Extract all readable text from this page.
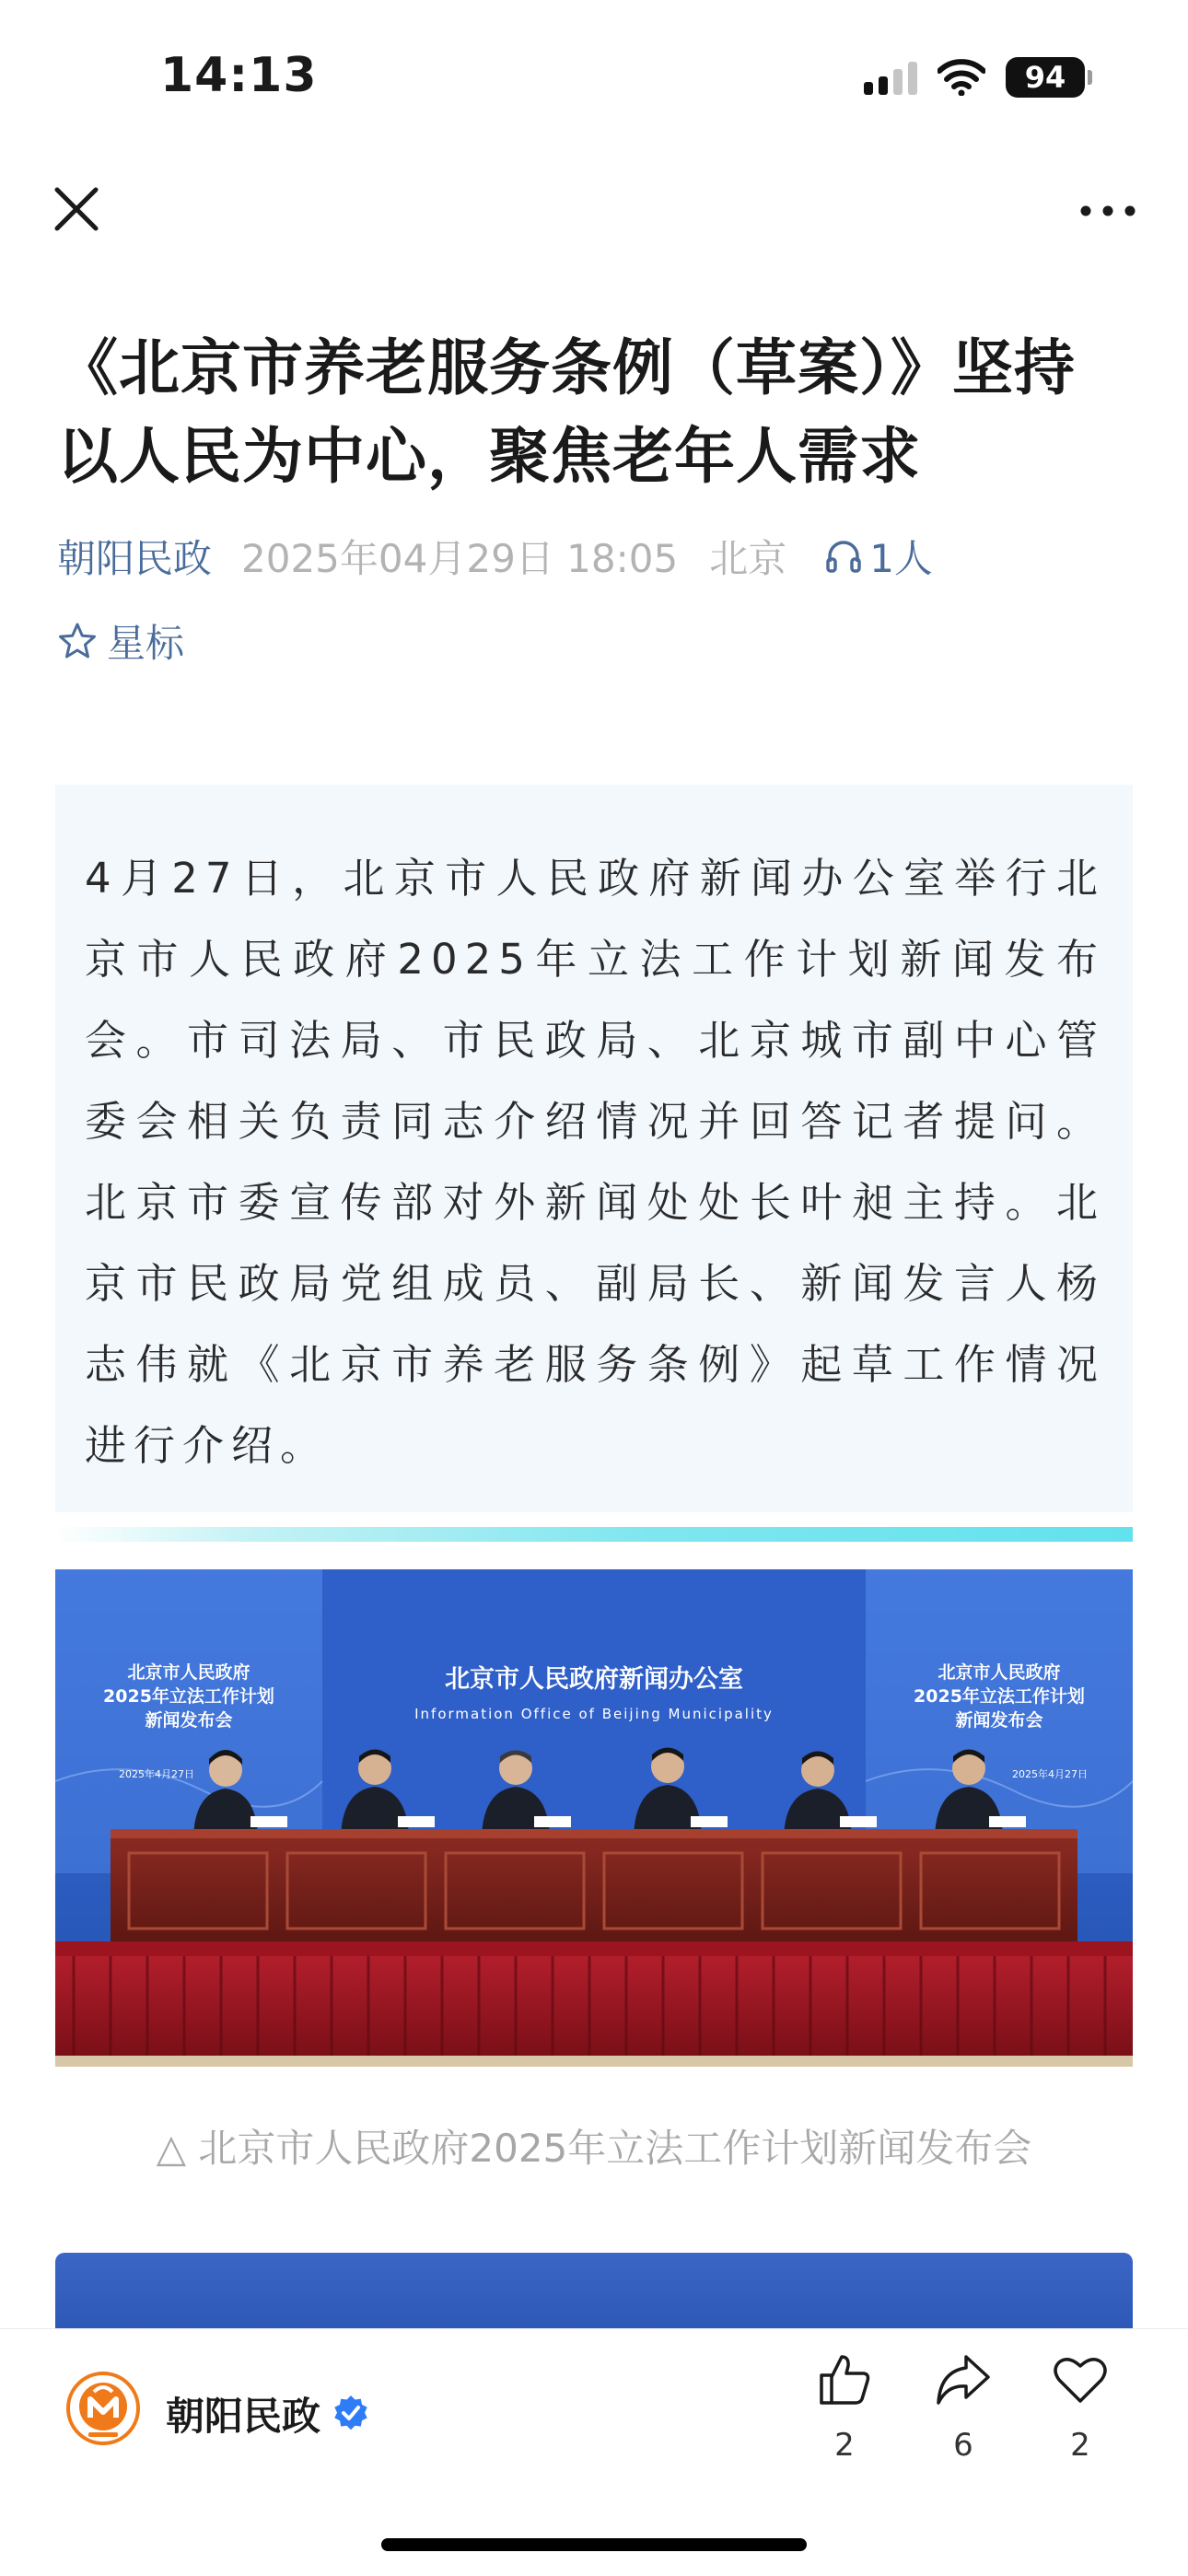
14:13	94
《北京市养老服务条例（草案）》坚持以人民为中心，聚焦老年人需求
朝阳民政 2025年04月29日 18:05 北京 1人
星标

4月27日，北京市人民政府新闻办公室举行北京市人民政府2025年立法工作计划新闻发布会。市司法局、市民政局、北京城市副中心管委会相关负责同志介绍情况并回答记者提问。北京市委宣传部对外新闻处处长叶昶主持。北京市民政局党组成员、副局长、新闻发言人杨志伟就《北京市养老服务条例》起草工作情况进行介绍。

北京市人民政府新闻办公室
Information Office of Beijing Municipality
北京市人民政府
2025年立法工作计划
新闻发布会
北京市人民政府
2025年立法工作计划
新闻发布会
2025年4月27日	2025年4月27日
△ 北京市人民政府2025年立法工作计划新闻发布会
朝阳民政
2	6	2
